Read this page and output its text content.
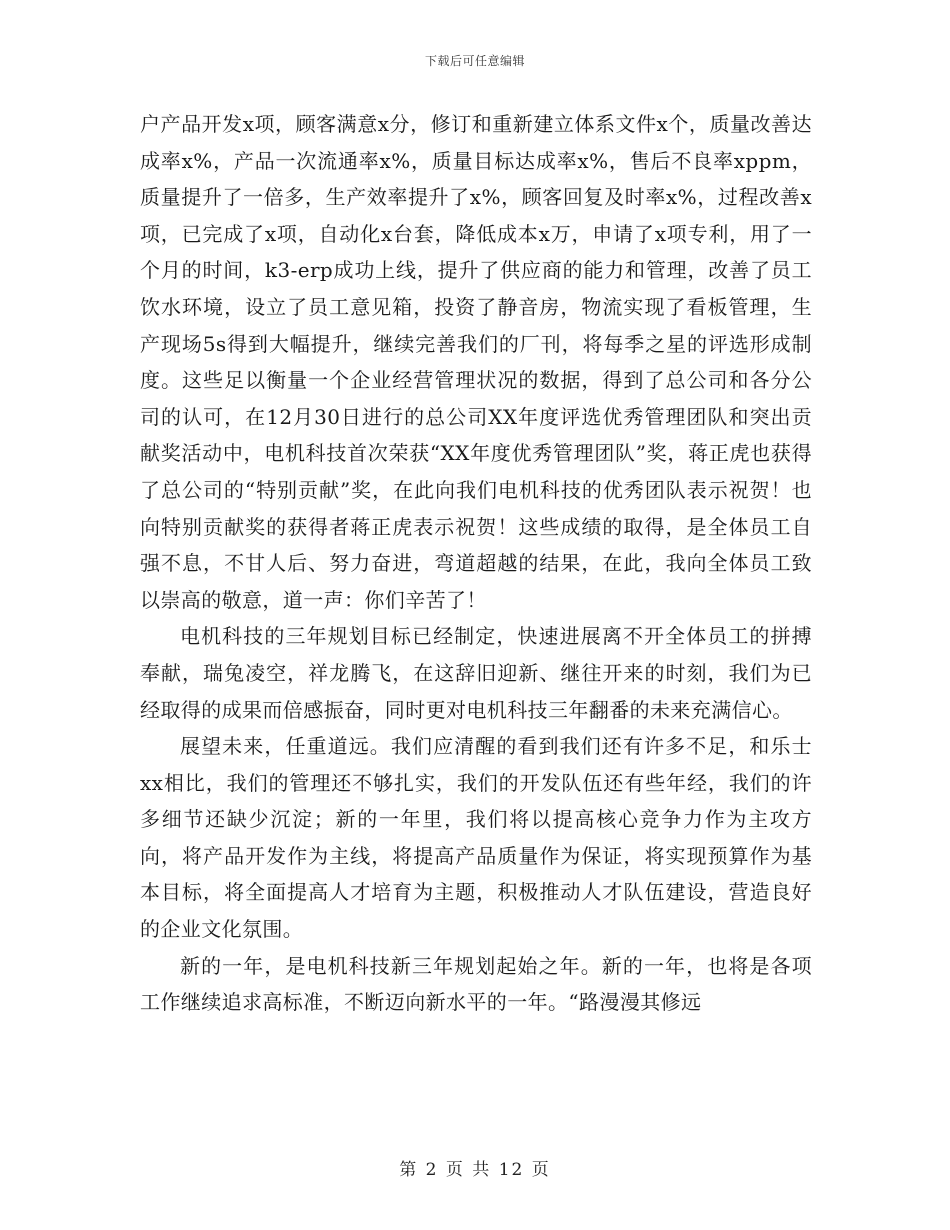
下载后可任意编辑

户产品开发x项，顾客满意x分，修订和重新建立体系文件x个，质量改善达成率x%，产品一次流通率x%，质量目标达成率x%，售后不良率xppm，质量提升了一倍多，生产效率提升了x%，顾客回复及时率x%，过程改善x项，已完成了x项，自动化x台套，降低成本x万，申请了x项专利，用了一个月的时间，k3-erp成功上线，提升了供应商的能力和管理，改善了员工饮水环境，设立了员工意见箱，投资了静音房，物流实现了看板管理，生产现场5s得到大幅提升，继续完善我们的厂刊，将每季之星的评选形成制度。这些足以衡量一个企业经营管理状况的数据，得到了总公司和各分公司的认可，在12月30日进行的总公司XX年度评选优秀管理团队和突出贡献奖活动中，电机科技首次荣获“XX年度优秀管理团队”奖，蒋正虎也获得了总公司的“特别贡献”奖，在此向我们电机科技的优秀团队表示祝贺！也向特别贡献奖的获得者蒋正虎表示祝贺！这些成绩的取得，是全体员工自强不息，不甘人后、努力奋进，弯道超越的结果，在此，我向全体员工致以崇高的敬意，道一声：你们辛苦了！

电机科技的三年规划目标已经制定，快速进展离不开全体员工的拼搏奉献，瑞兔凌空，祥龙腾飞，在这辞旧迎新、继往开来的时刻，我们为已经取得的成果而倍感振奋，同时更对电机科技三年翻番的未来充满信心。

展望未来，任重道远。我们应清醒的看到我们还有许多不足，和乐士xx相比，我们的管理还不够扎实，我们的开发队伍还有些年经，我们的许多细节还缺少沉淀；新的一年里，我们将以提高核心竞争力作为主攻方向，将产品开发作为主线，将提高产品质量作为保证，将实现预算作为基本目标，将全面提高人才培育为主题，积极推动人才队伍建设，营造良好的企业文化氛围。

新的一年，是电机科技新三年规划起始之年。新的一年，也将是各项工作继续追求高标准，不断迈向新水平的一年。“路漫漫其修远

第 2 页 共 12 页
